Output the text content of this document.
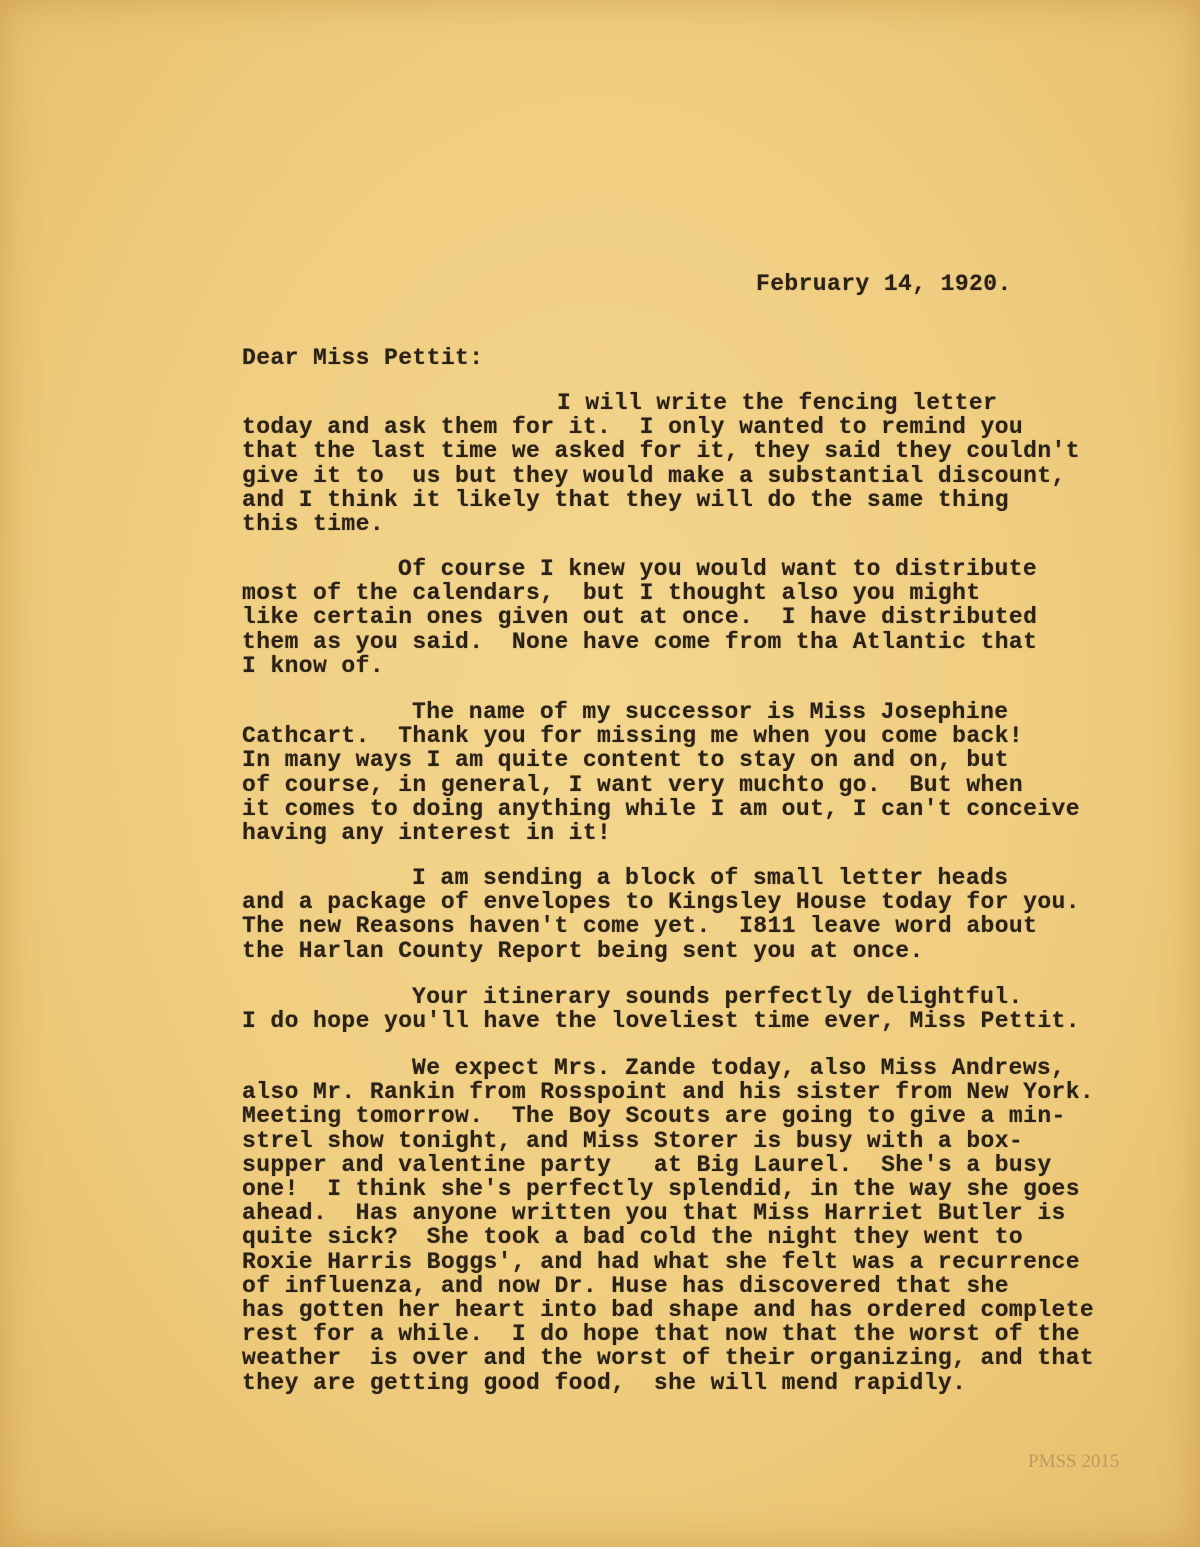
February 14, 1920.
Dear Miss Pettit:
I will write the fencing letter
today and ask them for it.  I only wanted to remind you
that the last time we asked for it, they said they couldn't
give it to  us but they would make a substantial discount,
and I think it likely that they will do the same thing
this time.
Of course I knew you would want to distribute
most of the calendars,  but I thought also you might
like certain ones given out at once.  I have distributed
them as you said.  None have come from tha Atlantic that
I know of.
The name of my successor is Miss Josephine
Cathcart.  Thank you for missing me when you come back!
In many ways I am quite content to stay on and on, but
of course, in general, I want very muchto go.  But when
it comes to doing anything while I am out, I can't conceive
having any interest in it!
I am sending a block of small letter heads
and a package of envelopes to Kingsley House today for you.
The new Reasons haven't come yet.  I811 leave word about
the Harlan County Report being sent you at once.
Your itinerary sounds perfectly delightful.
I do hope you'll have the loveliest time ever, Miss Pettit.
We expect Mrs. Zande today, also Miss Andrews,
also Mr. Rankin from Rosspoint and his sister from New York.
Meeting tomorrow.  The Boy Scouts are going to give a min-
strel show tonight, and Miss Storer is busy with a box-
supper and valentine party   at Big Laurel.  She's a busy
one!  I think she's perfectly splendid, in the way she goes
ahead.  Has anyone written you that Miss Harriet Butler is
quite sick?  She took a bad cold the night they went to
Roxie Harris Boggs', and had what she felt was a recurrence
of influenza, and now Dr. Huse has discovered that she
has gotten her heart into bad shape and has ordered complete
rest for a while.  I do hope that now that the worst of the
weather  is over and the worst of their organizing, and that
they are getting good food,  she will mend rapidly.
PMSS 2015
